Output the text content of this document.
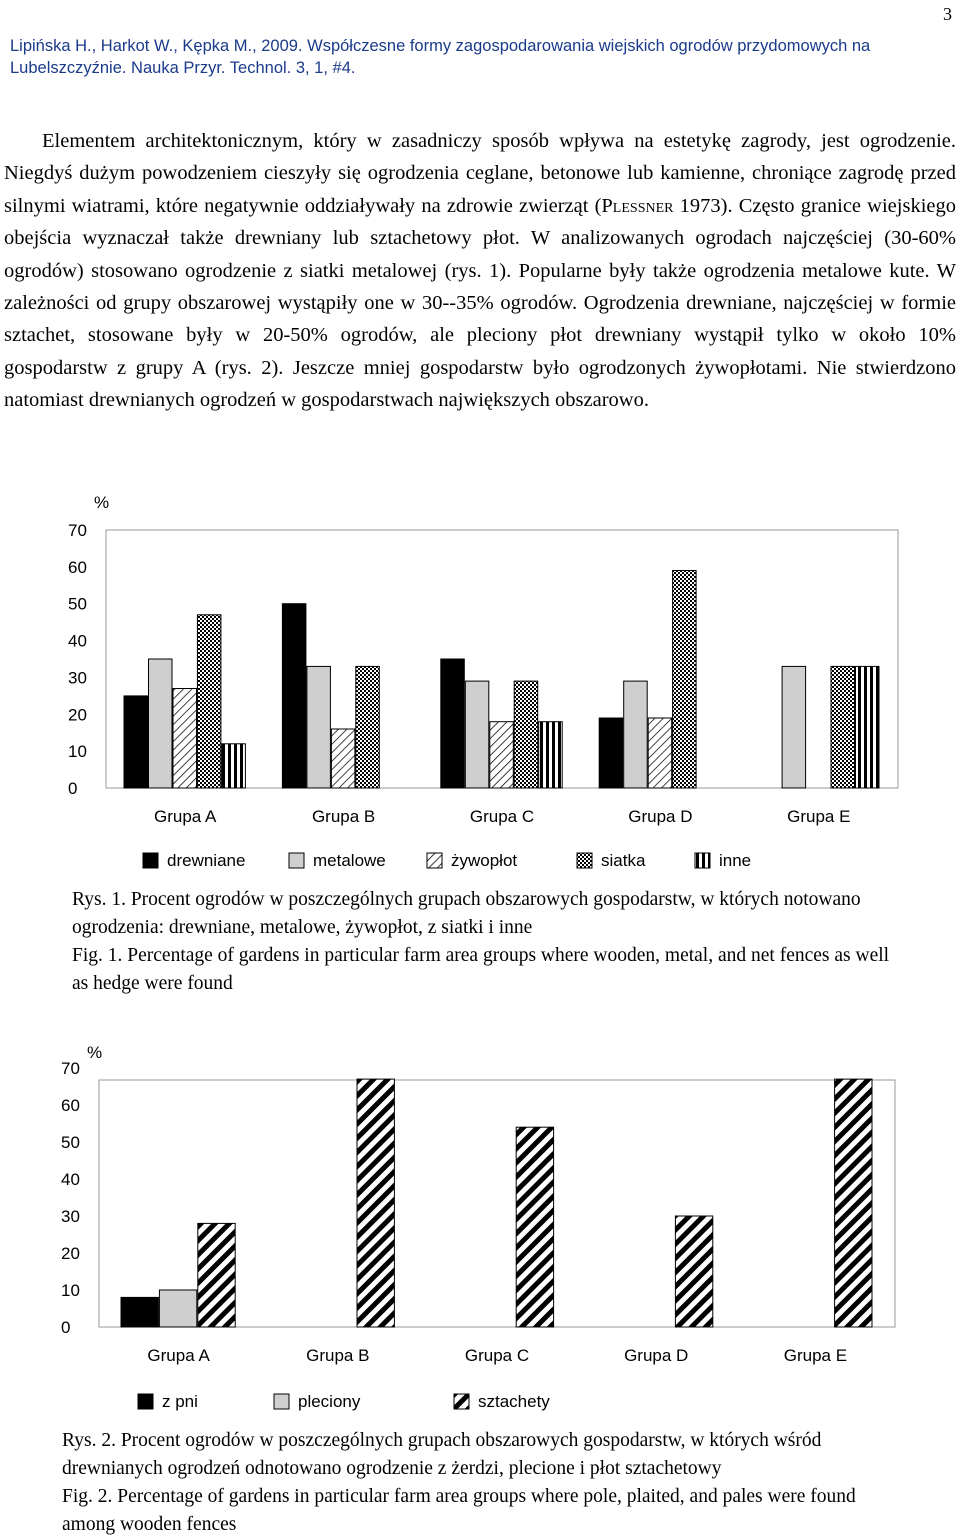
Lipińska H., Harkot W., Kępka M., 2009. Współczesne formy zagospodarowania wiejskich ogrodów przydomowych na Lubelszczyźnie. Nauka Przyr. Technol. 3, 1, #4.
3

Elementem architektonicznym, który w zasadniczy sposób wpływa na estetykę zagrody, jest ogrodzenie. Niegdyś dużym powodzeniem cieszyły się ogrodzenia ceglane, betonowe lub kamienne, chroniące zagrodę przed silnymi wiatrami, które negatywnie oddziaływały na zdrowie zwierząt (Plessner 1973). Często granice wiejskiego obejścia wyznaczał także drewniany lub sztachetowy płot. W analizowanych ogrodach najczęściej (30-60% ogrodów) stosowano ogrodzenie z siatki metalowej (rys. 1). Popularne były także ogrodzenia metalowe kute. W zależności od grupy obszarowej wystąpiły one w 30--35% ogrodów. Ogrodzenia drewniane, najczęściej w formie sztachet, stosowane były w 20-50% ogrodów, ale pleciony płot drewniany wystąpił tylko w około 10% gospodarstw z grupy A (rys. 2). Jeszcze mniej gospodarstw było ogrodzonych żywopłotami. Nie stwierdzono natomiast drewnianych ogrodzeń w gospodarstwach największych obszarowo.

%
0
10
20
30
40
50
60
70
Grupa A	Grupa B	Grupa C	Grupa D	Grupa E
drewniane	metalowe	żywopłot	siatka	inne
Rys. 1. Procent ogrodów w poszczególnych grupach obszarowych gospodarstw, w których notowano ogrodzenia: drewniane, metalowe, żywopłot, z siatki i inne
Fig. 1. Percentage of gardens in particular farm area groups where wooden, metal, and net fences as well as hedge were found
%
0
10
20
30
40
50
60
70
Grupa A	Grupa B	Grupa C	Grupa D	Grupa E
z pni	pleciony	sztachety
Rys. 2. Procent ogrodów w poszczególnych grupach obszarowych gospodarstw, w których wśród drewnianych ogrodzeń odnotowano ogrodzenie z żerdzi, plecione i płot sztachetowy
Fig. 2. Percentage of gardens in particular farm area groups where pole, plaited, and pales were found among wooden fences
